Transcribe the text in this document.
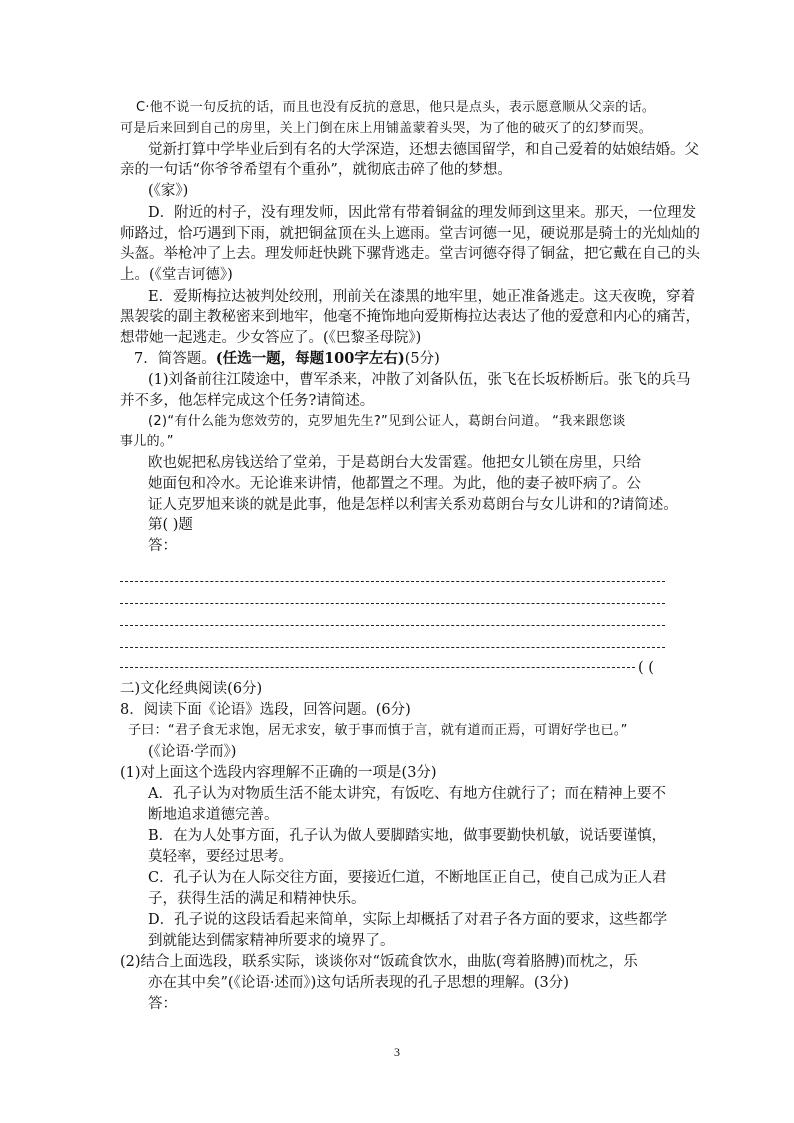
C·他不说一句反抗的话，而且也没有反抗的意思，他只是点头，表示愿意顺从父亲的话。
可是后来回到自己的房里，关上门倒在床上用铺盖蒙着头哭，为了他的破灭了的幻梦而哭。
觉新打算中学毕业后到有名的大学深造，还想去德国留学，和自己爱着的姑娘结婚。父
亲的一句话“你爷爷希望有个重孙”，就彻底击碎了他的梦想。
(《家》)
D．附近的村子，没有理发师，因此常有带着铜盆的理发师到这里来。那天，一位理发
师路过，恰巧遇到下雨，就把铜盆顶在头上遮雨。堂吉诃德一见，硬说那是骑士的光灿灿的
头盔。举枪冲了上去。理发师赶快跳下骡背逃走。堂吉诃德夺得了铜盆，把它戴在自己的头
上。(《堂吉诃德》)
E．爱斯梅拉达被判处绞刑，刑前关在漆黑的地牢里，她正准备逃走。这天夜晚，穿着
黑袈裟的副主教秘密来到地牢，他毫不掩饰地向爱斯梅拉达表达了他的爱意和内心的痛苦，
想带她一起逃走。少女答应了。(《巴黎圣母院》)
7．简答题。(任选一题，每题100字左右)(5分)
(1)刘备前往江陵途中，曹军杀来，冲散了刘备队伍，张飞在长坂桥断后。张飞的兵马
并不多，他怎样完成这个任务?请简述。
(2)“有什么能为您效劳的，克罗旭先生?”见到公证人，葛朗台问道。 “我来跟您谈
事儿的。”
欧也妮把私房钱送给了堂弟，于是葛朗台大发雷霆。他把女儿锁在房里，只给
她面包和冷水。无论谁来讲情，他都置之不理。为此，他的妻子被吓病了。公
证人克罗旭来谈的就是此事，他是怎样以利害关系劝葛朗台与女儿讲和的?请简述。
第( )题
答：
( (
二)文化经典阅读(6分)
8．阅读下面《论语》选段，回答问题。(6分)
子曰：“君子食无求饱，居无求安，敏于事而慎于言，就有道而正焉，可谓好学也已。”
(《论语·学而》)
(1)对上面这个选段内容理解不正确的一项是(3分)
A．孔子认为对物质生活不能太讲究，有饭吃、有地方住就行了；而在精神上要不
断地追求道德完善。
B．在为人处事方面，孔子认为做人要脚踏实地，做事要勤快机敏，说话要谨慎，
莫轻率，要经过思考。
C．孔子认为在人际交往方面，要接近仁道，不断地匡正自己，使自己成为正人君
子，获得生活的满足和精神快乐。
D．孔子说的这段话看起来简单，实际上却概括了对君子各方面的要求，这些都学
到就能达到儒家精神所要求的境界了。
(2)结合上面选段，联系实际，谈谈你对“饭疏食饮水，曲肱(弯着胳膊)而枕之，乐
亦在其中矣”(《论语·述而》)这句话所表现的孔子思想的理解。(3分)
答：
3
